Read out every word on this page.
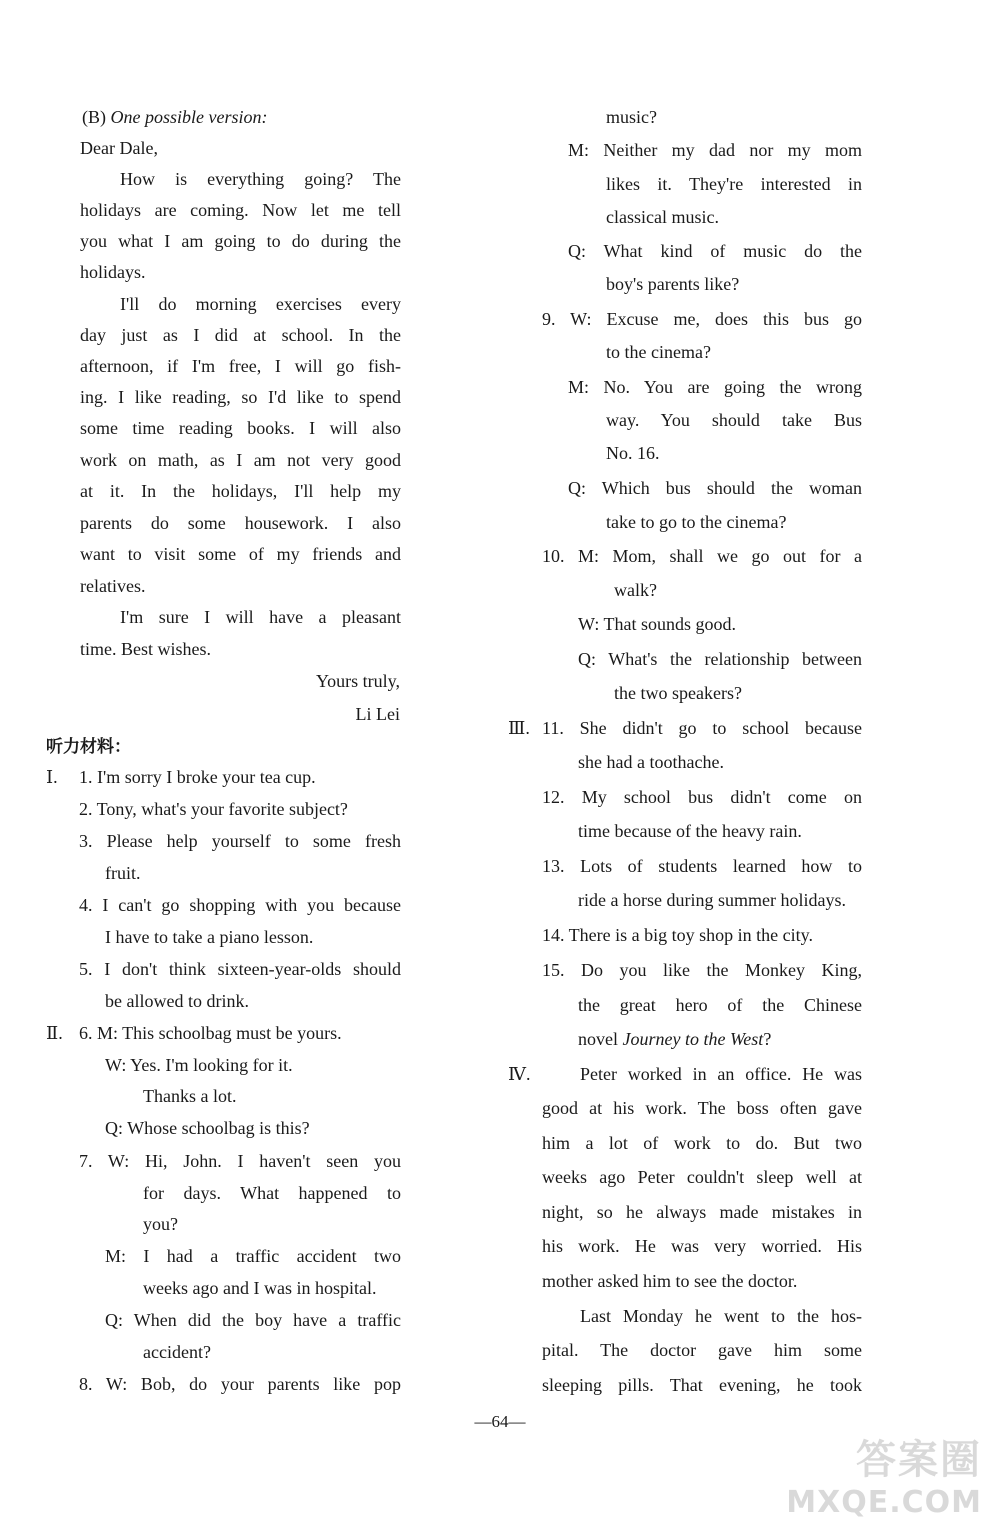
(B) One possible version:
Dear Dale,
How is everything going? The
holidays are coming. Now let me tell
you what I am going to do during the
holidays.
I'll do morning exercises every
day just as I did at school. In the
afternoon, if I'm free, I will go fish-
ing. I like reading, so I'd like to spend
some time reading books. I will also
work on math, as I am not very good
at it. In the holidays, I'll help my
parents do some housework. I also
want to visit some of my friends and
relatives.
I'm sure I will have a pleasant
time. Best wishes.
Yours truly,
Li Lei
听力材料：
Ⅰ. 1. I'm sorry I broke your tea cup.
2. Tony, what's your favorite subject?
3. Please help yourself to some fresh
fruit.
4. I can't go shopping with you because
I have to take a piano lesson.
5. I don't think sixteen-year-olds should
be allowed to drink.
Ⅱ. 6. M: This schoolbag must be yours.
W: Yes. I'm looking for it.
Thanks a lot.
Q: Whose schoolbag is this?
7. W: Hi, John. I haven't seen you
for days. What happened to
you?
M: I had a traffic accident two
weeks ago and I was in hospital.
Q: When did the boy have a traffic
accident?
8. W: Bob, do your parents like pop
music?
M: Neither my dad nor my mom
likes it. They're interested in
classical music.
Q: What kind of music do the
boy's parents like?
9. W: Excuse me, does this bus go
to the cinema?
M: No. You are going the wrong
way. You should take Bus
No. 16.
Q: Which bus should the woman
take to go to the cinema?
10. M: Mom, shall we go out for a
walk?
W: That sounds good.
Q: What's the relationship between
the two speakers?
Ⅲ. 11. She didn't go to school because
she had a toothache.
12. My school bus didn't come on
time because of the heavy rain.
13. Lots of students learned how to
ride a horse during summer holidays.
14. There is a big toy shop in the city.
15. Do you like the Monkey King,
the great hero of the Chinese
novel Journey to the West?
Ⅳ.	Peter worked in an office. He was
good at his work. The boss often gave
him a lot of work to do. But two
weeks ago Peter couldn't sleep well at
night, so he always made mistakes in
his work. He was very worried. His
mother asked him to see the doctor.
Last Monday he went to the hos-
pital. The doctor gave him some
sleeping pills. That evening, he took
—64—
答案圈
MXQE.COM
